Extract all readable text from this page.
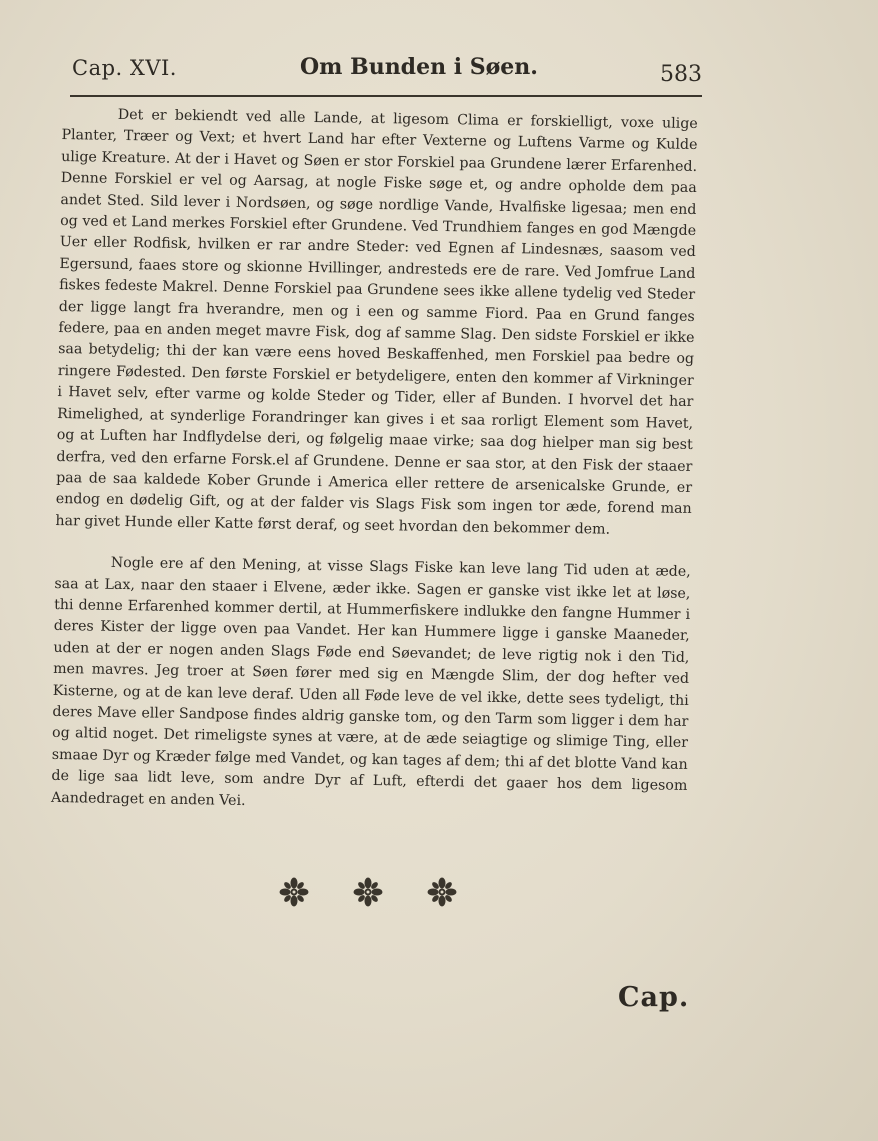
Cap. XVI.	Om Bunden i Søen.	583

Det er bekiendt ved alle Lande, at ligesom Clima er forskielligt, voxe ulige Planter, Træer og Vext; et hvert Land har efter Vexterne og Luftens Varme og Kulde ulige Kreature. At der i Havet og Søen er stor Forskiel paa Grundene lærer Erfarenhed. Denne Forskiel er vel og Aarsag, at nogle Fiske søge et, og andre opholde dem paa andet Sted. Sild lever i Nordsøen, og søge nordlige Vande, Hvalfiske ligesaa; men end og ved et Land merkes Forskiel efter Grundene. Ved Trundhiem fanges en god Mængde Uer eller Rodfisk, hvilken er rar andre Steder: ved Egnen af Lindesnæs, saasom ved Egersund, faaes store og skionne Hvillinger, andresteds ere de rare. Ved Jomfrue Land fiskes fedeste Makrel. Denne Forskiel paa Grundene sees ikke allene tydelig ved Steder der ligge langt fra hverandre, men og i een og samme Fiord. Paa en Grund fanges federe, paa en anden meget mavre Fisk, dog af samme Slag. Den sidste Forskiel er ikke saa betydelig; thi der kan være eens hoved Beskaffenhed, men Forskiel paa bedre og ringere Fødested. Den første Forskiel er betydeligere, enten den kommer af Virkninger i Havet selv, efter varme og kolde Steder og Tider, eller af Bunden. I hvorvel det har Rimelighed, at synderlige Forandringer kan gives i et saa rorligt Element som Havet, og at Luften har Indflydelse deri, og følgelig maae virke; saa dog hielper man sig best derfra, ved den erfarne Forsk.el af Grundene. Denne er saa stor, at den Fisk der staaer paa de saa kaldede Kober Grunde i America eller rettere de arsenicalske Grunde, er endog en dødelig Gift, og at der falder vis Slags Fisk som ingen tor æde, forend man har givet Hunde eller Katte først deraf, og seet hvordan den bekommer dem.

Nogle ere af den Mening, at visse Slags Fiske kan leve lang Tid uden at æde, saa at Lax, naar den staaer i Elvene, æder ikke. Sagen er ganske vist ikke let at løse, thi denne Erfarenhed kommer dertil, at Hummerfiskere indlukke den fangne Hummer i deres Kister der ligge oven paa Vandet. Her kan Hummere ligge i ganske Maaneder, uden at der er nogen anden Slags Føde end Søevandet; de leve rigtig nok i den Tid, men mavres. Jeg troer at Søen fører med sig en Mængde Slim, der dog hefter ved Kisterne, og at de kan leve deraf. Uden all Føde leve de vel ikke, dette sees tydeligt, thi deres Mave eller Sandpose findes aldrig ganske tom, og den Tarm som ligger i dem har og altid noget. Det rimeligste synes at være, at de æde seiagtige og slimige Ting, eller smaae Dyr og Kræder følge med Vandet, og kan tages af dem; thi af det blotte Vand kan de lige saa lidt leve, som andre Dyr af Luft, efterdi det gaaer hos dem ligesom Aandedraget en anden Vei.

Cap.
